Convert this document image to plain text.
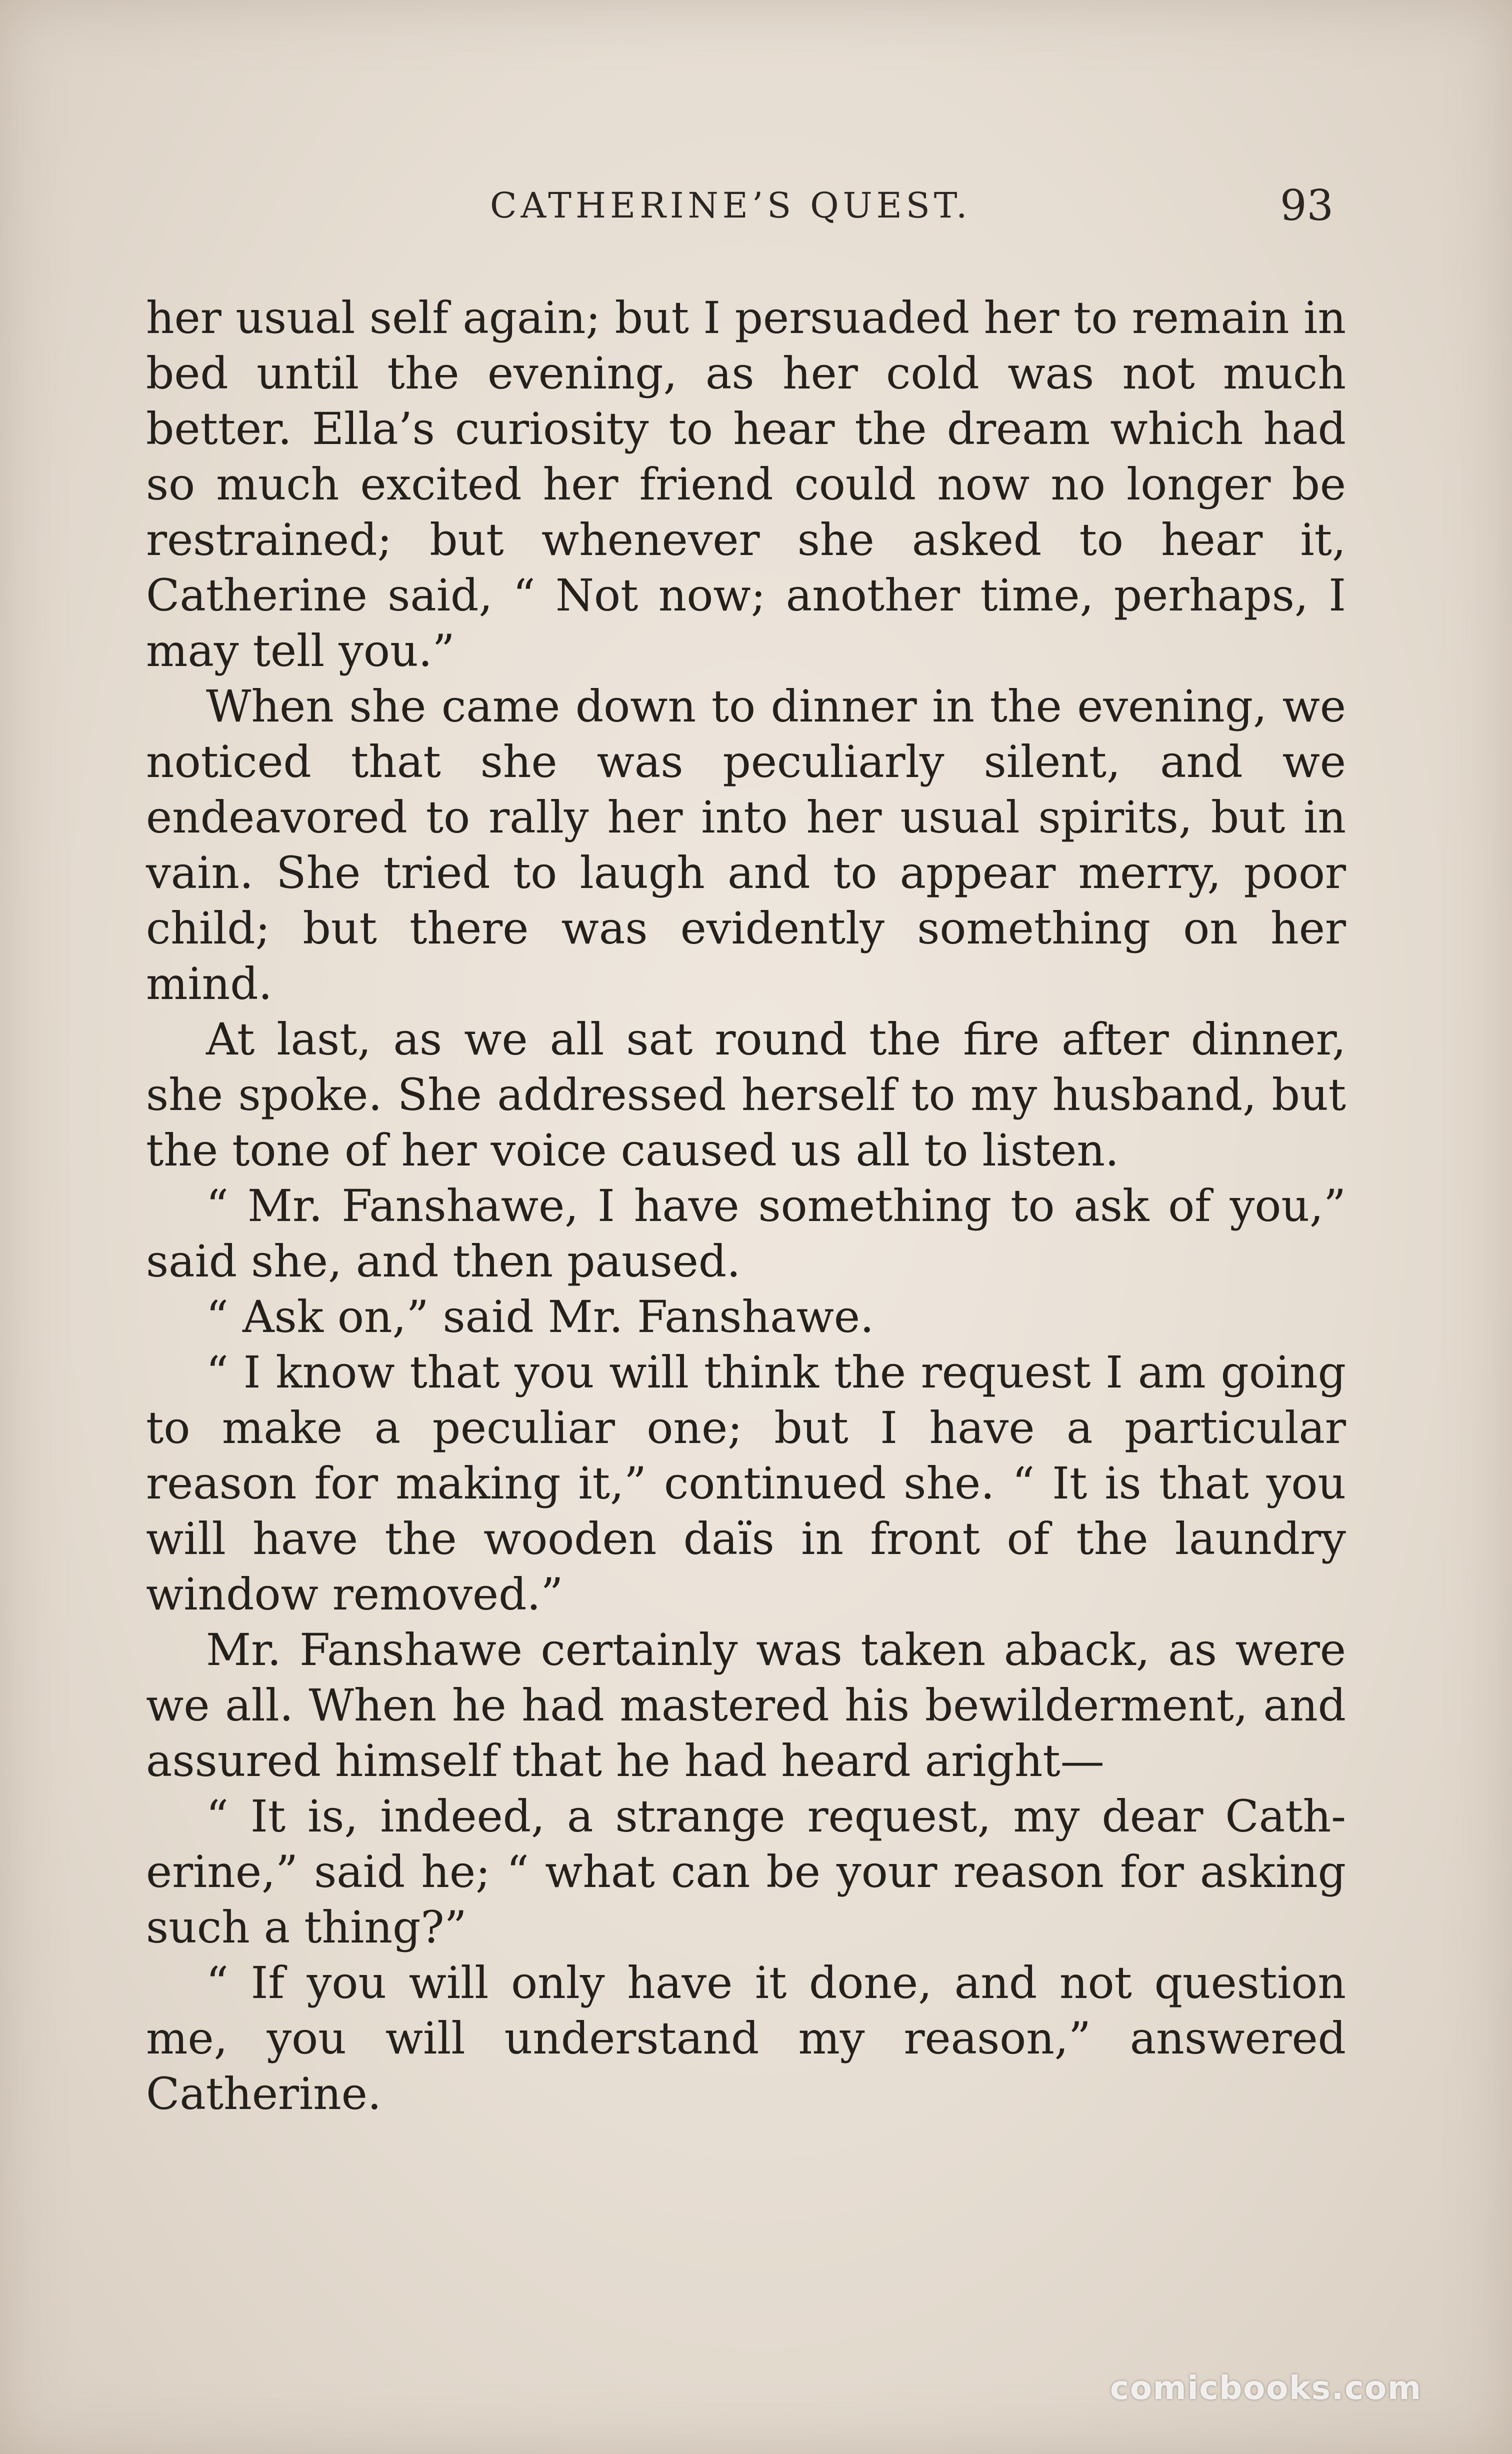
CATHERINE’S QUEST.	93

her usual self again; but I persuaded her to remain in bed until the evening, as her cold was not much better. Ella’s curiosity to hear the dream which had so much excited her friend could now no longer be restrained; but whenever she asked to hear it, Catherine said, “ Not now; another time, perhaps, I may tell you.”

When she came down to dinner in the evening, we noticed that she was peculiarly silent, and we endeavored to rally her into her usual spirits, but in vain. She tried to laugh and to appear merry, poor child; but there was evidently something on her mind.

At last, as we all sat round the fire after dinner, she spoke. She addressed herself to my husband, but the tone of her voice caused us all to listen.

“ Mr. Fanshawe, I have something to ask of you,” said she, and then paused.

“ Ask on,” said Mr. Fanshawe.

“ I know that you will think the request I am going to make a peculiar one; but I have a particular reason for making it,” continued she. “ It is that you will have the wooden daïs in front of the laundry window removed.”

Mr. Fanshawe certainly was taken aback, as were we all. When he had mastered his bewilderment, and assured himself that he had heard aright—

“ It is, indeed, a strange request, my dear Catherine,” said he; “ what can be your reason for asking such a thing?”

“ If you will only have it done, and not question me, you will understand my reason,” answered Catherine.

comicbooks.com
